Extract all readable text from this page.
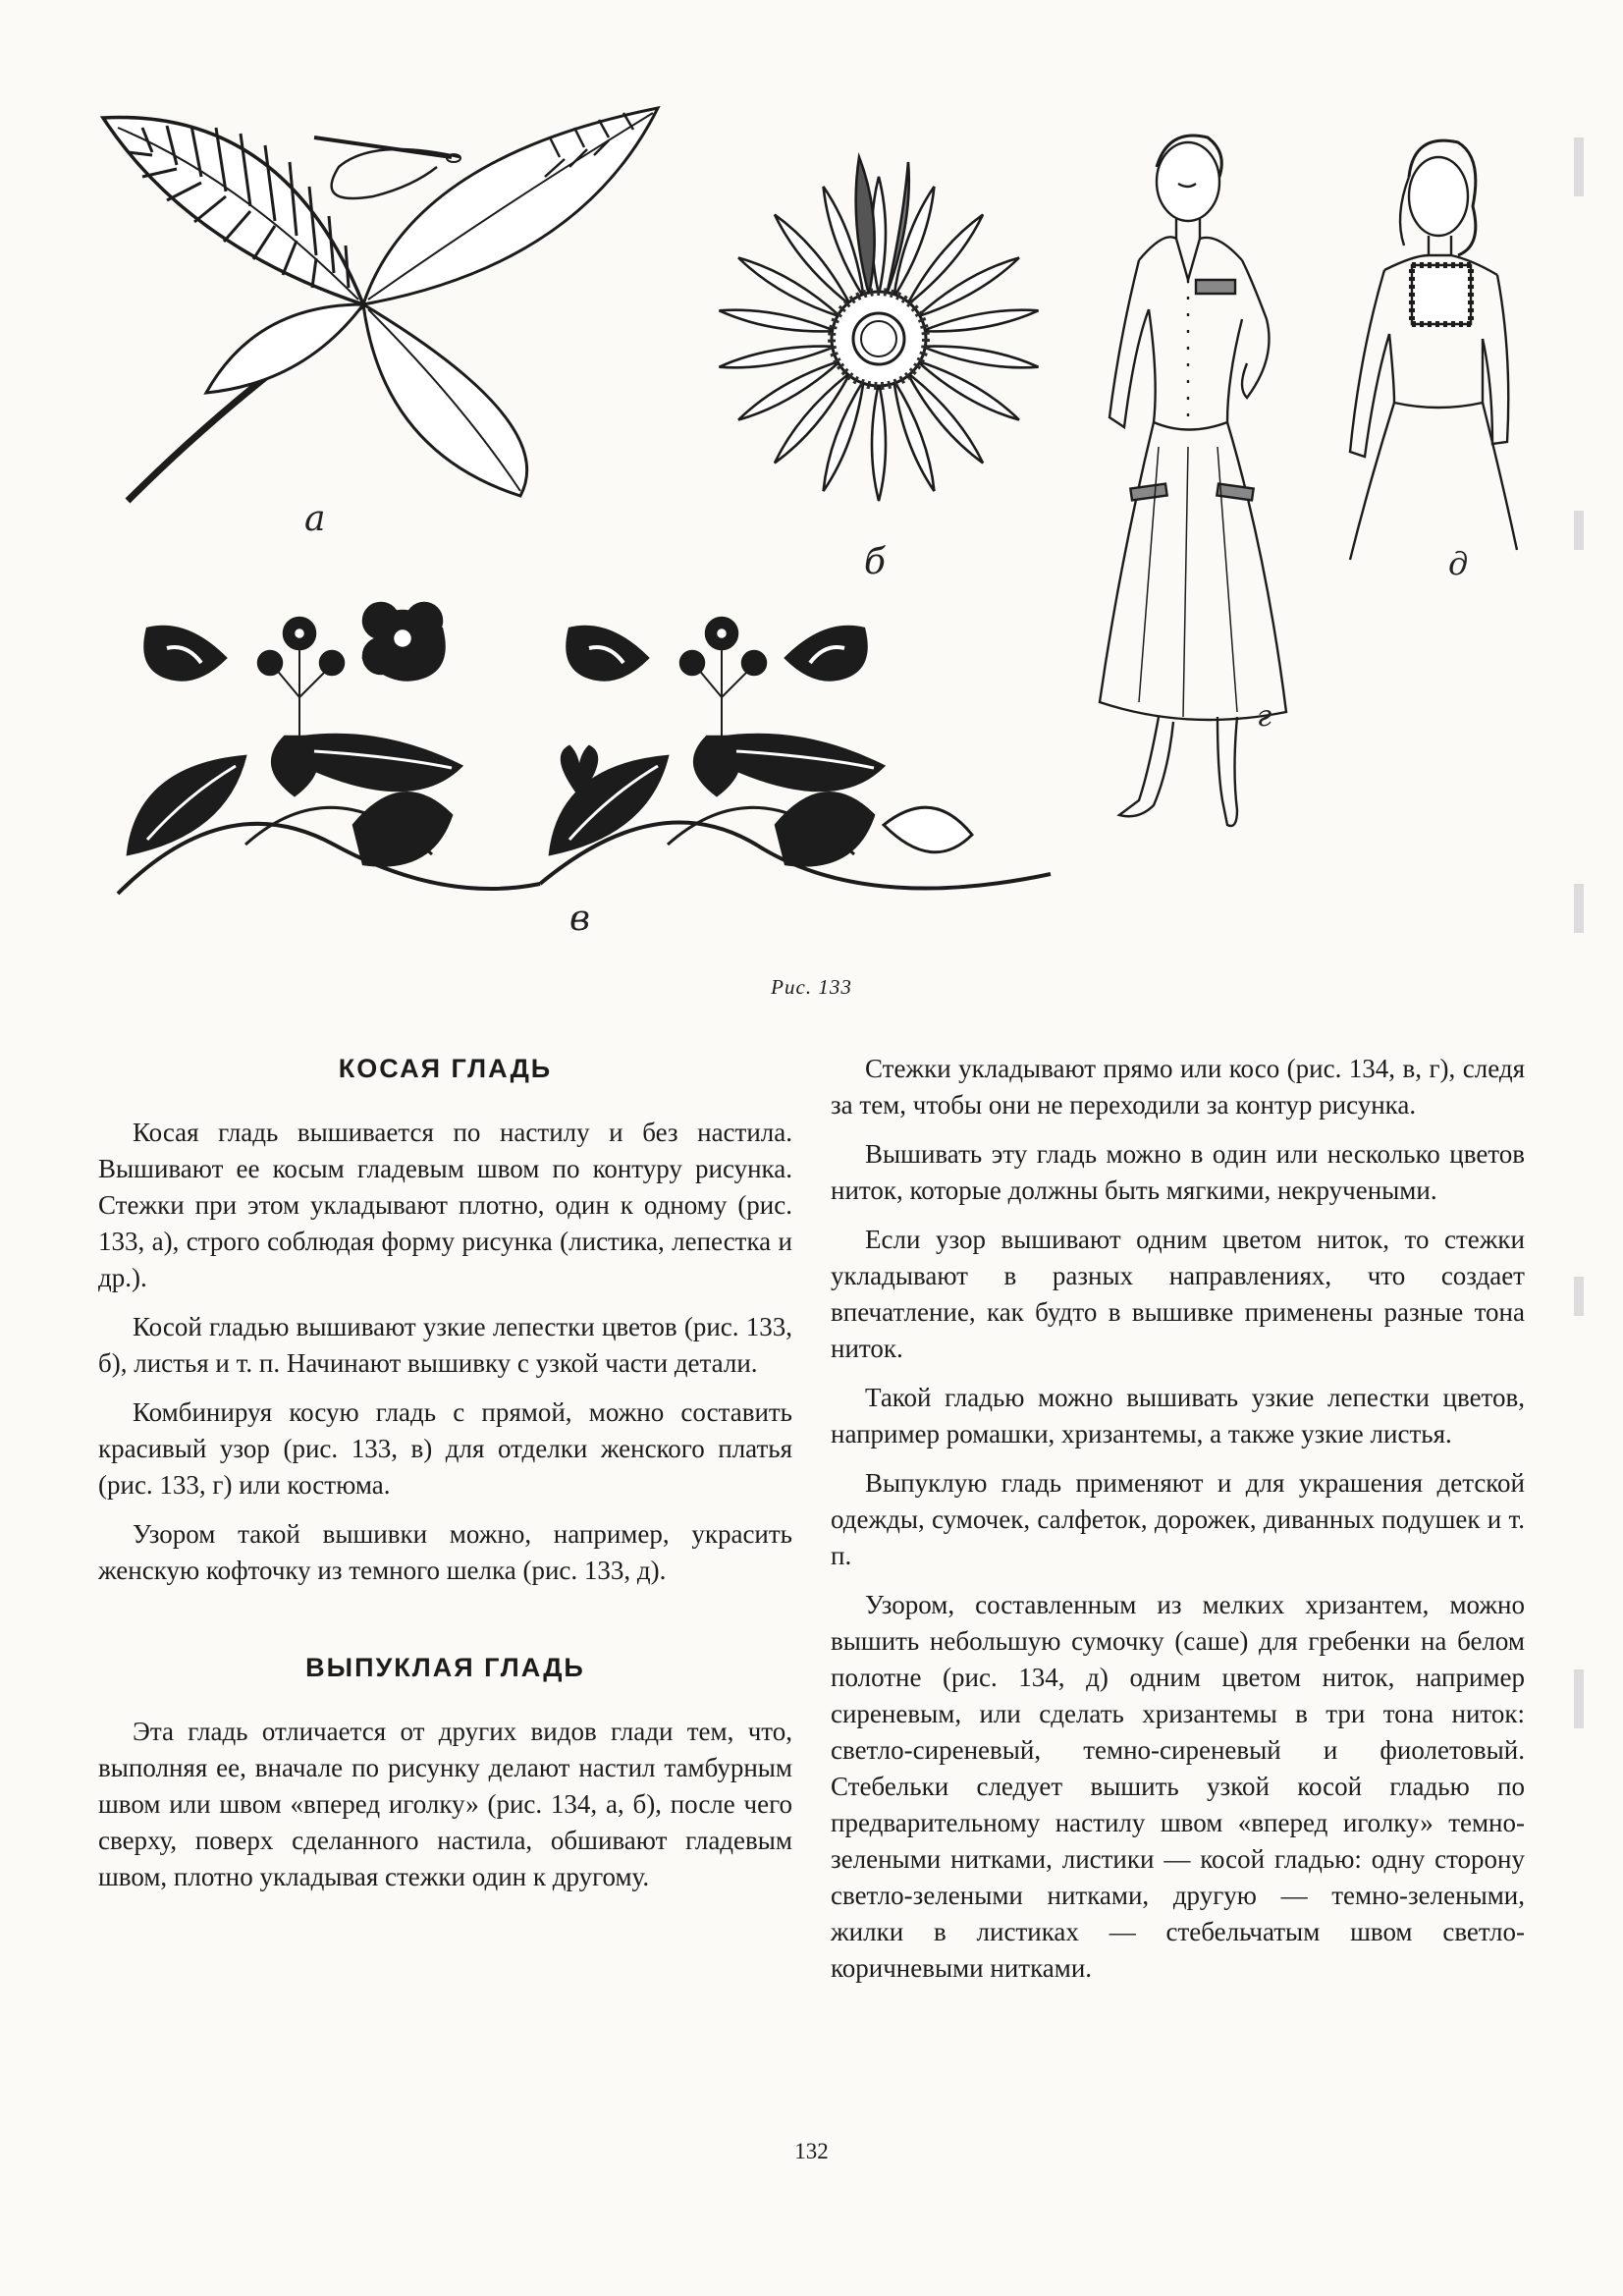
а
б
г
д
в
Рис. 133
КОСАЯ ГЛАДЬ

Косая гладь вышивается по настилу и без настила. Вышивают ее косым гладевым швом по контуру рисунка. Стежки при этом укладывают плотно, один к одному (рис. 133, а), строго соблюдая форму рисунка (листика, лепестка и др.).

Косой гладью вышивают узкие лепестки цветов (рис. 133, б), листья и т. п. Начинают вышивку с узкой части детали.

Комбинируя косую гладь с прямой, можно составить красивый узор (рис. 133, в) для отделки женского платья (рис. 133, г) или костюма.

Узором такой вышивки можно, например, украсить женскую кофточку из темного шелка (рис. 133, д).

ВЫПУКЛАЯ ГЛАДЬ

Эта гладь отличается от других видов глади тем, что, выполняя ее, вначале по рисунку делают настил тамбурным швом или швом «вперед иголку» (рис. 134, а, б), после чего сверху, поверх сделанного настила, обшивают гладевым швом, плотно укладывая стежки один к другому.

Стежки укладывают прямо или косо (рис. 134, в, г), следя за тем, чтобы они не переходили за контур рисунка.

Вышивать эту гладь можно в один или несколько цветов ниток, которые должны быть мягкими, некручеными.

Если узор вышивают одним цветом ниток, то стежки укладывают в разных направлениях, что создает впечатление, как будто в вышивке применены разные тона ниток.

Такой гладью можно вышивать узкие лепестки цветов, например ромашки, хризантемы, а также узкие листья.

Выпуклую гладь применяют и для украшения детской одежды, сумочек, салфеток, дорожек, диванных подушек и т. п.

Узором, составленным из мелких хризантем, можно вышить небольшую сумочку (саше) для гребенки на белом полотне (рис. 134, д) одним цветом ниток, например сиреневым, или сделать хризантемы в три тона ниток: светло-сиреневый, темно-сиреневый и фиолетовый. Стебельки следует вышить узкой косой гладью по предварительному настилу швом «вперед иголку» темно-зелеными нитками, листики — косой гладью: одну сторону светло-зелеными нитками, другую — темно-зелеными, жилки в листиках — стебельчатым швом светло-коричневыми нитками.

132
